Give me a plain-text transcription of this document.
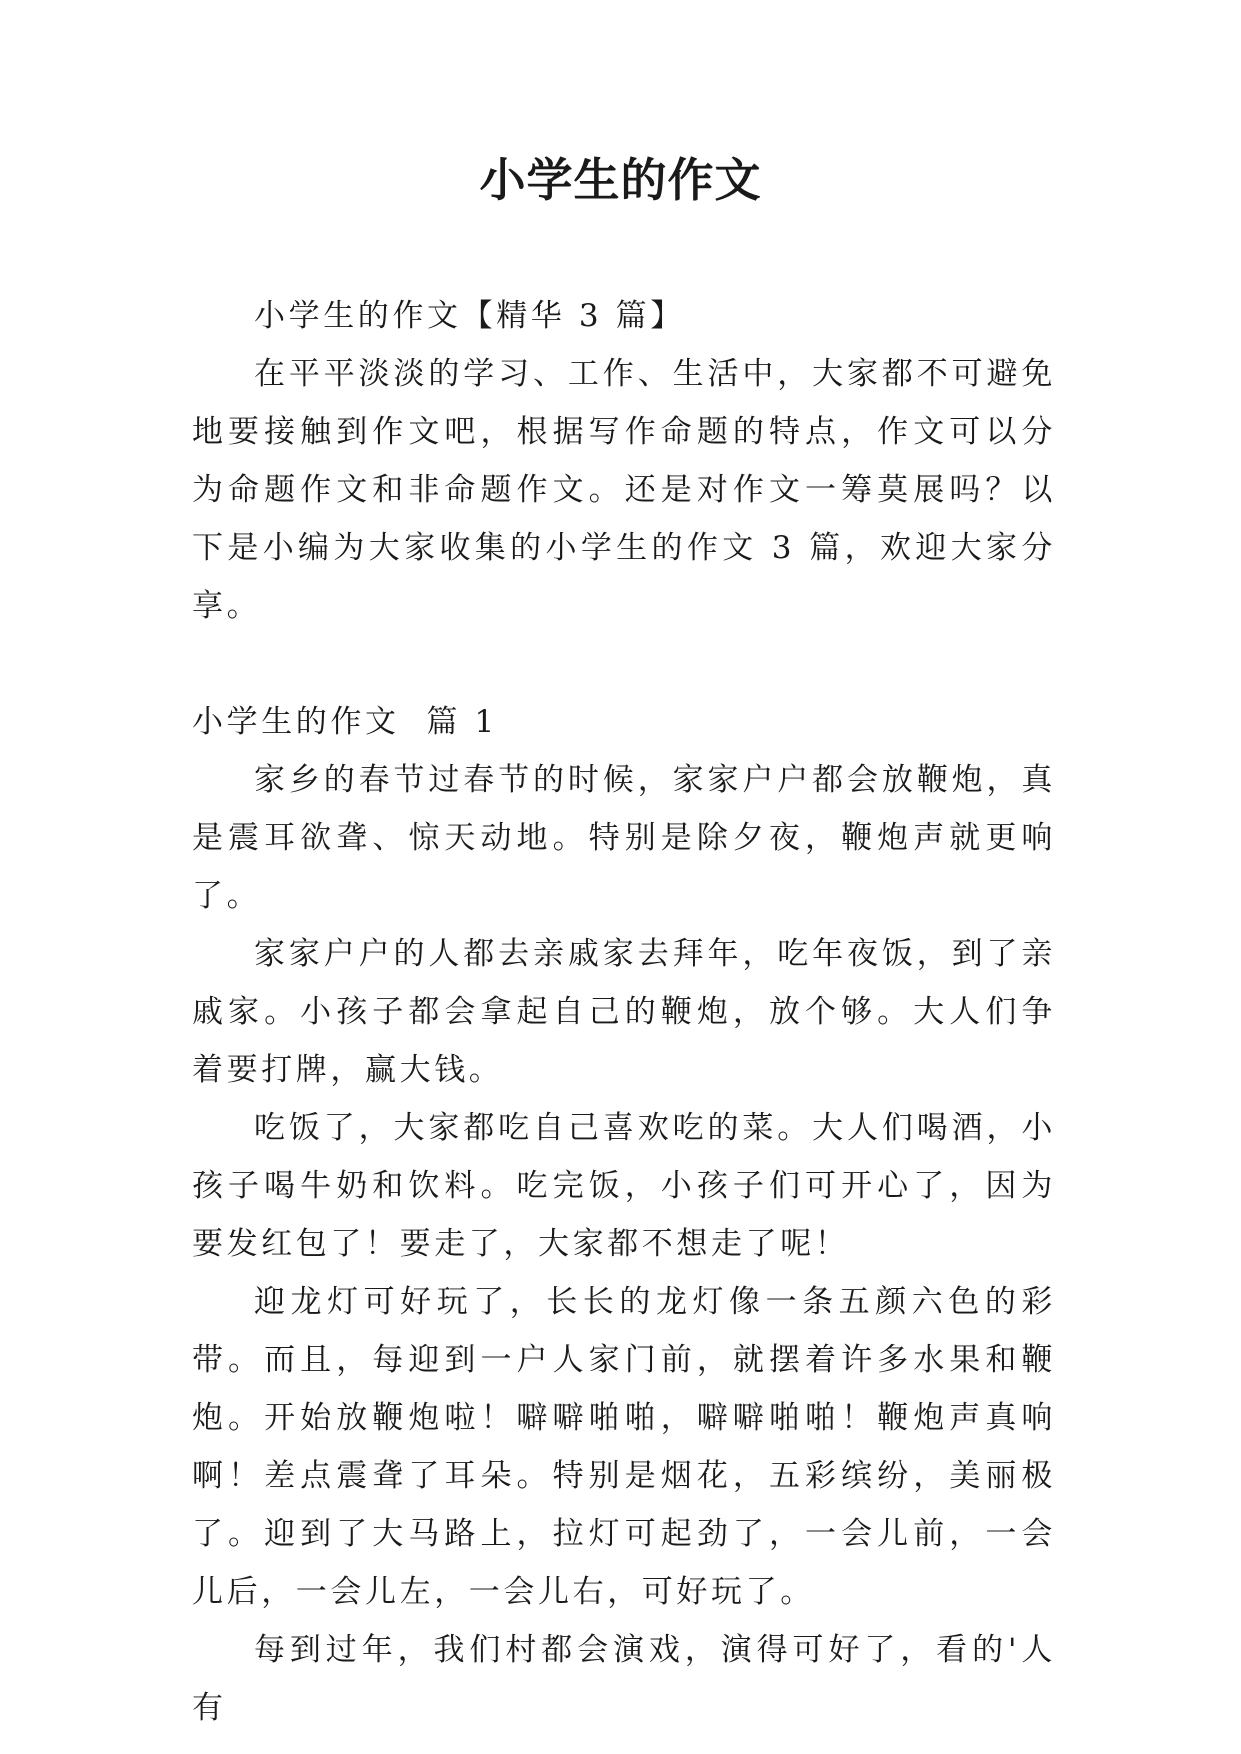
小学生的作文

小学生的作文【精华 3 篇】

在平平淡淡的学习、工作、生活中，大家都不可避免地要接触到作文吧，根据写作命题的特点，作文可以分为命题作文和非命题作文。还是对作文一筹莫展吗？以下是小编为大家收集的小学生的作文 3 篇，欢迎大家分享。

小学生的作文  篇 1

家乡的春节过春节的时候，家家户户都会放鞭炮，真是震耳欲聋、惊天动地。特别是除夕夜，鞭炮声就更响了。

家家户户的人都去亲戚家去拜年，吃年夜饭，到了亲戚家。小孩子都会拿起自己的鞭炮，放个够。大人们争着要打牌，赢大钱。

吃饭了，大家都吃自己喜欢吃的菜。大人们喝酒，小孩子喝牛奶和饮料。吃完饭，小孩子们可开心了，因为要发红包了！要走了，大家都不想走了呢！

迎龙灯可好玩了，长长的龙灯像一条五颜六色的彩带。而且，每迎到一户人家门前，就摆着许多水果和鞭炮。开始放鞭炮啦！噼噼啪啪，噼噼啪啪！鞭炮声真响啊！差点震聋了耳朵。特别是烟花，五彩缤纷，美丽极了。迎到了大马路上，拉灯可起劲了，一会儿前，一会儿后，一会儿左，一会儿右，可好玩了。

每到过年，我们村都会演戏，演得可好了，看的'人有
